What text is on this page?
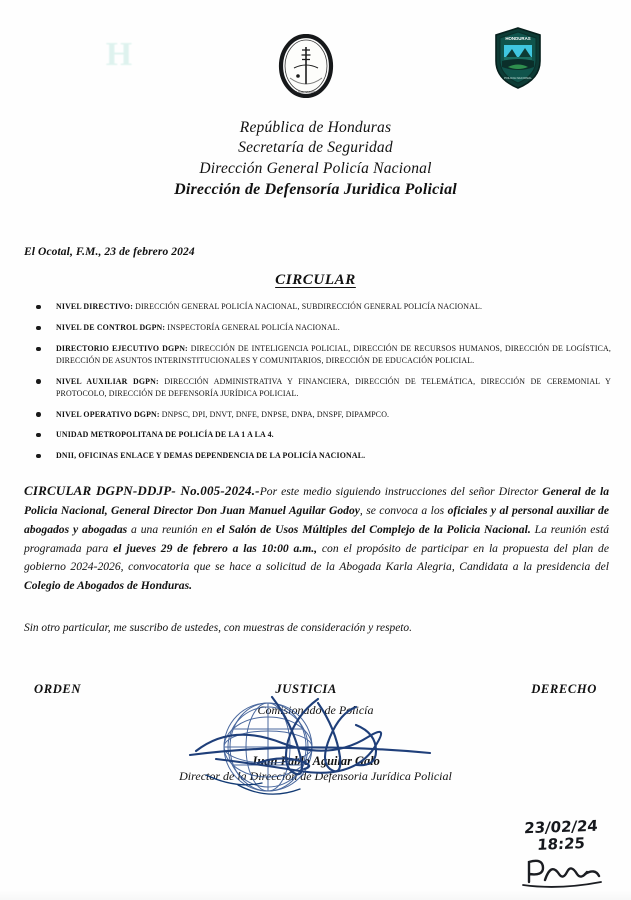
H
POLICIA NACIONAL
HONDURAS
POLICIA NACIONAL
República de Honduras
Secretaría de Seguridad
Dirección General Policía Nacional
Dirección de Defensoría Juridica Policial
El Ocotal, F.M., 23 de febrero 2024
CIRCULAR
NIVEL DIRECTIVO: DIRECCIÓN GENERAL POLICÍA NACIONAL, SUBDIRECCIÓN GENERAL POLICÍA NACIONAL.
NIVEL DE CONTROL DGPN: INSPECTORÍA GENERAL POLICÍA NACIONAL.
DIRECTORIO EJECUTIVO DGPN: DIRECCIÓN DE INTELIGENCIA POLICIAL, DIRECCIÓN DE RECURSOS HUMANOS, DIRECCIÓN DE LOGÍSTICA, DIRECCIÓN DE ASUNTOS INTERINSTITUCIONALES Y COMUNITARIOS, DIRECCIÓN DE EDUCACIÓN POLICIAL.
NIVEL AUXILIAR DGPN: DIRECCIÓN ADMINISTRATIVA Y FINANCIERA, DIRECCIÓN DE TELEMÁTICA, DIRECCIÓN DE CEREMONIAL Y PROTOCOLO, DIRECCIÓN DE DEFENSORÍA JURÍDICA POLICIAL.
NIVEL OPERATIVO DGPN: DNPSC, DPI, DNVT, DNFE, DNPSE, DNPA, DNSPF, DIPAMPCO.
UNIDAD METROPOLITANA DE POLICÍA DE LA 1 A LA 4.
DNII, OFICINAS ENLACE Y DEMAS DEPENDENCIA DE LA POLICÍA NACIONAL.
CIRCULAR DGPN-DDJP- No.005-2024.-Por este medio siguiendo instrucciones del señor Director General de la Policia Nacional, General Director Don Juan Manuel Aguilar Godoy, se convoca a los oficiales y al personal auxiliar de abogados y abogadas a una reunión en el Salón de Usos Múltiples del Complejo de la Policia Nacional. La reunión está programada para el jueves 29 de febrero a las 10:00 a.m., con el propósito de participar en la propuesta del plan de gobierno 2024-2026, convocatoria que se hace a solicitud de la Abogada Karla Alegria, Candidata a la presidencia del Colegio de Abogados de Honduras.
Sin otro particular, me suscribo de ustedes, con muestras de consideración y respeto.
ORDEN	JUSTICIA	DERECHO
Comisionado de Policía
Juan Pablo Aguilar Galo
Director de la Dirección de Defensoria Jurídica Policial
23/02/24
18:25
